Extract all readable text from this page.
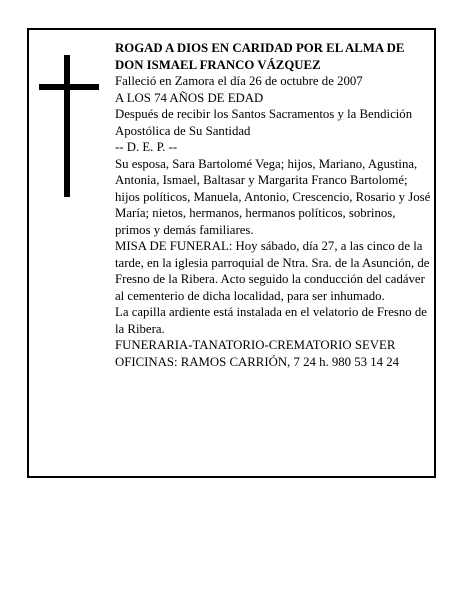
ROGAD A DIOS EN CARIDAD POR EL ALMA DE

DON ISMAEL FRANCO VÁZQUEZ

Falleció en Zamora el día 26 de octubre de 2007

A LOS 74 AÑOS DE EDAD

Después de recibir los Santos Sacramentos y la Bendición Apostólica de Su Santidad

-- D. E. P. --

Su esposa, Sara Bartolomé Vega; hijos, Mariano, Agustina, Antonia, Ismael, Baltasar y Margarita Franco Bartolomé; hijos políticos, Manuela, Antonio, Crescencio, Rosario y José María; nietos, hermanos, hermanos políticos, sobrinos, primos y demás familiares.

MISA DE FUNERAL: Hoy sábado, día 27, a las cinco de la tarde, en la iglesia parroquial de Ntra. Sra. de la Asunción, de Fresno de la Ribera. Acto seguido la conducción del cadáver al cementerio de dicha localidad, para ser inhumado.

La capilla ardiente está instalada en el velatorio de Fresno de la Ribera.

FUNERARIA-TANATORIO-CREMATORIO SEVER

OFICINAS: RAMOS CARRIÓN, 7 24 h. 980 53 14 24
